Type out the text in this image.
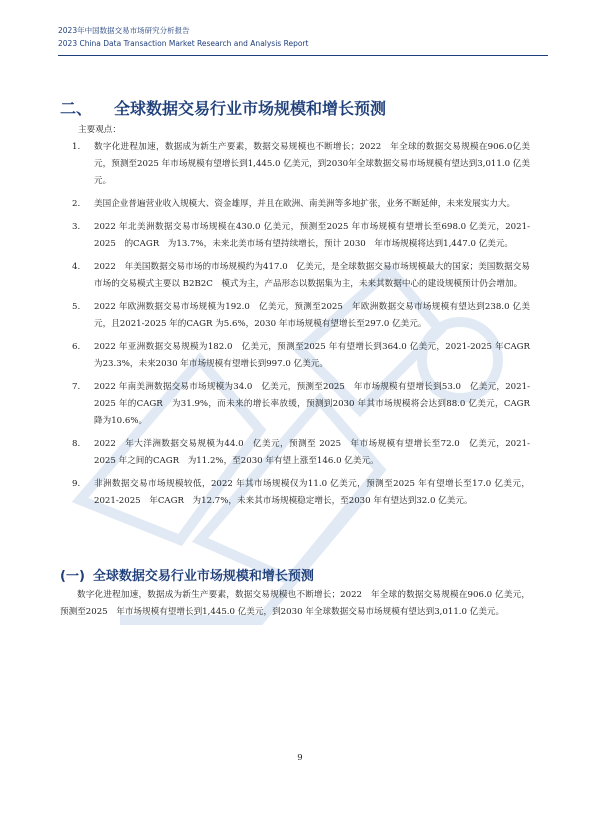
2023年中国数据交易市场研究分析报告
2023 China Data Transaction Market Research and Analysis Report
二、 全球数据交易行业市场规模和增长预测
主要观点：
1. 数字化进程加速，数据成为新生产要素，数据交易规模也不断增长；2022　年全球的数据交易规模在906.0亿美元，预测至2025 年市场规模有望增长到1,445.0 亿美元，到2030年全球数据交易市场规模有望达到3,011.0 亿美元。
2. 美国企业普遍营业收入规模大、资金雄厚，并且在欧洲、南美洲等多地扩张，业务不断延伸，未来发展实力大。
3. 2022 年北美洲数据交易市场规模在430.0 亿美元，预测至2025 年市场规模有望增长至698.0 亿美元，2021-2025　的CAGR　为13.7%，未来北美市场有望持续增长，预计 2030　年市场规模将达到1,447.0 亿美元。
4. 2022　年美国数据交易市场的市场规模约为417.0　亿美元，是全球数据交易市场规模最大的国家；美国数据交易市场的交易模式主要以 B2B2C　模式为主，产品形态以数据集为主，未来其数据中心的建设规模预计仍会增加。
5. 2022 年欧洲数据交易市场规模为192.0　亿美元，预测至2025　年欧洲数据交易市场规模有望达到238.0 亿美元，且2021-2025 年的CAGR 为5.6%，2030 年市场规模有望增长至297.0 亿美元。
6. 2022 年亚洲数据交易规模为182.0　亿美元，预测至2025 年有望增长到364.0 亿美元，2021-2025 年CAGR 为23.3%，未来2030 年市场规模有望增长到997.0 亿美元。
7. 2022 年南美洲数据交易市场规模为34.0　亿美元，预测至2025　年市场规模有望增长到53.0　亿美元，2021-2025 年的CAGR　为31.9%，而未来的增长率放缓，预测到2030 年其市场规模将会达到88.0 亿美元，CAGR 降为10.6%。
8. 2022　年大洋洲数据交易规模为44.0　亿美元，预测至 2025　年市场规模有望增长至72.0　亿美元，2021-2025 年之间的CAGR　为11.2%，至2030 年有望上涨至146.0 亿美元。
9. 非洲数据交易市场规模较低，2022 年其市场规模仅为11.0 亿美元，预测至2025 年有望增长至17.0 亿美元，2021-2025　年CAGR　为12.7%，未来其市场规模稳定增长，至2030 年有望达到32.0 亿美元。
(一) 全球数据交易行业市场规模和增长预测

数字化进程加速，数据成为新生产要素，数据交易规模也不断增长；2022　年全球的数据交易规模在906.0 亿美元，预测至2025　年市场规模有望增长到1,445.0 亿美元，到2030 年全球数据交易市场规模有望达到3,011.0 亿美元。

9
